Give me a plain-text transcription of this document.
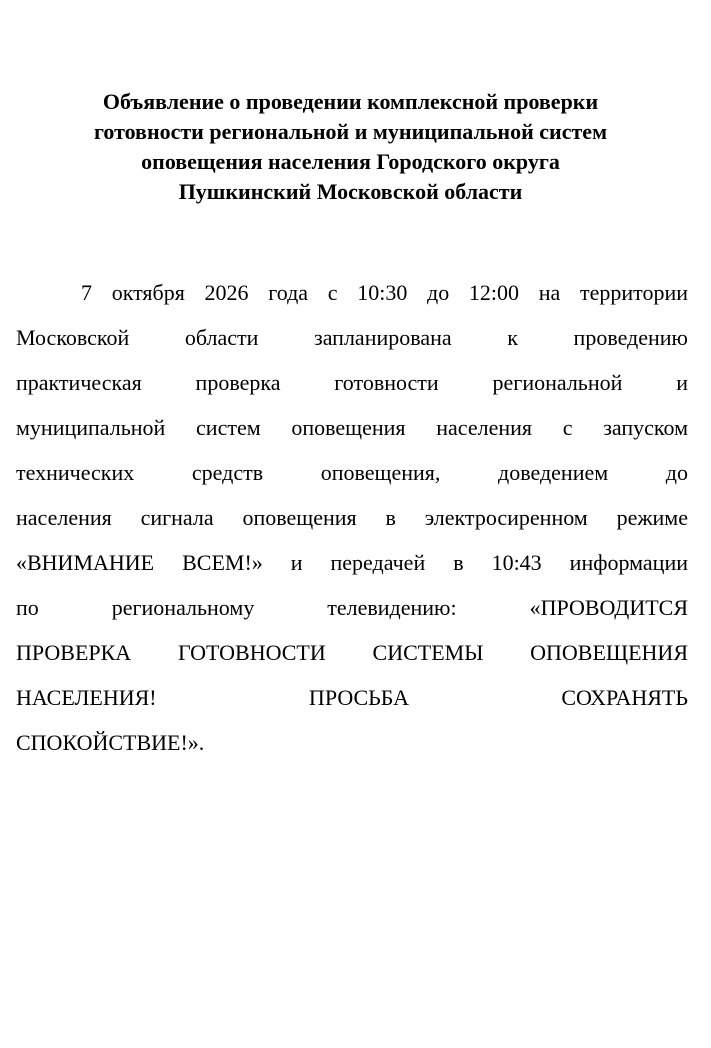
Объявление о проведении комплексной проверки
готовности региональной и муниципальной систем
оповещения населения Городского округа
Пушкинский Московской области
7 октября 2026 года с 10:30 до 12:00 на территории
Московской области запланирована к проведению
практическая проверка готовности региональной и
муниципальной систем оповещения населения с запуском
технических средств оповещения, доведением до
населения сигнала оповещения в электросиренном режиме
«ВНИМАНИЕ ВСЕМ!» и передачей в 10:43 информации
по региональному телевидению: «ПРОВОДИТСЯ
ПРОВЕРКА ГОТОВНОСТИ СИСТЕМЫ ОПОВЕЩЕНИЯ
НАСЕЛЕНИЯ! ПРОСЬБА СОХРАНЯТЬ
СПОКОЙСТВИЕ!».
